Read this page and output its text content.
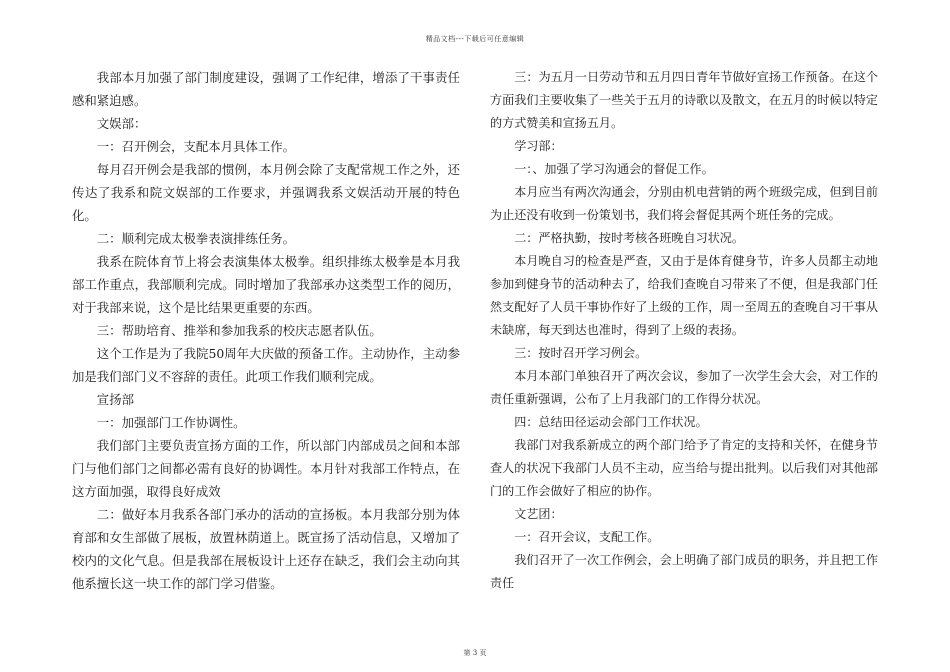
精品文档---下载后可任意编辑

我部本月加强了部门制度建设，强调了工作纪律，增添了干事责任感和紧迫感。

文娱部：

一：召开例会，支配本月具体工作。

每月召开例会是我部的惯例，本月例会除了支配常规工作之外，还传达了我系和院文娱部的工作要求，并强调我系文娱活动开展的特色化。

二：顺利完成太极拳表演排练任务。

我系在院体育节上将会表演集体太极拳。组织排练太极拳是本月我部工作重点，我部顺利完成。同时增加了我部承办这类型工作的阅历，对于我部来说，这个是比结果更重要的东西。

三：帮助培育、推举和参加我系的校庆志愿者队伍。

这个工作是为了我院50周年大庆做的预备工作。主动协作，主动参加是我们部门义不容辞的责任。此项工作我们顺利完成。

宣扬部

一：加强部门工作协调性。

我们部门主要负责宣扬方面的工作，所以部门内部成员之间和本部门与他们部门之间都必需有良好的协调性。本月针对我部工作特点，在这方面加强，取得良好成效

二：做好本月我系各部门承办的活动的宣扬板。本月我部分别为体育部和女生部做了展板，放置林荫道上。既宣扬了活动信息，又增加了校内的文化气息。但是我部在展板设计上还存在缺乏，我们会主动向其他系擅长这一块工作的部门学习借鉴。

三：为五月一日劳动节和五月四日青年节做好宣扬工作预备。在这个方面我们主要收集了一些关于五月的诗歌以及散文，在五月的时候以特定的方式赞美和宣扬五月。

学习部：

一：、加强了学习沟通会的督促工作。

本月应当有两次沟通会，分别由机电营销的两个班级完成，但到目前为止还没有收到一份策划书，我们将会督促其两个班任务的完成。

二：严格执勤，按时考核各班晚自习状况。

本月晚自习的检查是严查，又由于是体育健身节，许多人员都主动地参加到健身节的活动种去了，给我们查晚自习带来了不便，但是我部门任然支配好了人员干事协作好了上级的工作，周一至周五的查晚自习干事从未缺席，每天到达也准时，得到了上级的表扬。

三：按时召开学习例会。

本月本部门单独召开了两次会议，参加了一次学生会大会，对工作的责任重新强调，公布了上月我部门的工作得分状况。

四：总结田径运动会部门工作状况。

我部门对我系新成立的两个部门给予了肯定的支持和关怀，在健身节查人的状况下我部门人员不主动，应当给与提出批判。以后我们对其他部门的工作会做好了相应的协作。

文艺团：

一：召开会议，支配工作。

我们召开了一次工作例会，会上明确了部门成员的职务，并且把工作责任

第 3 页
